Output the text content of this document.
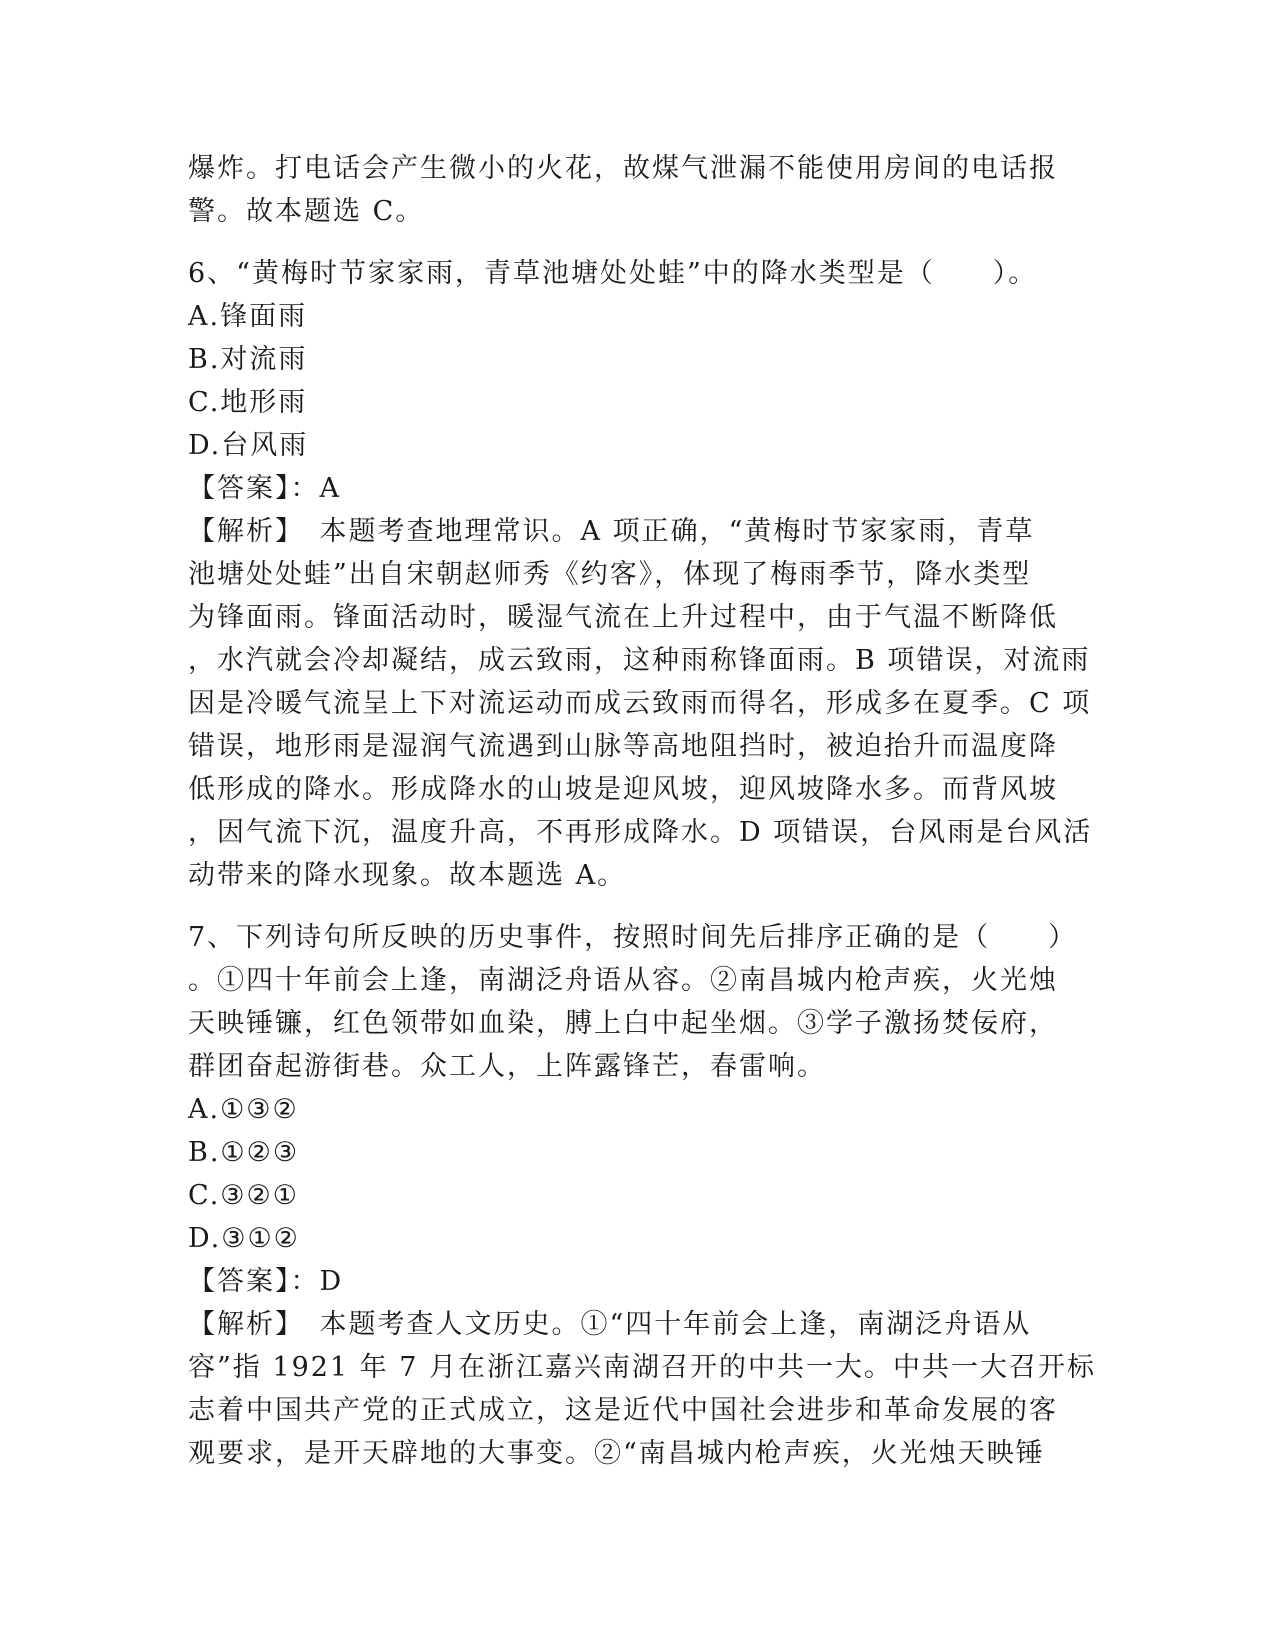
爆炸。打电话会产生微小的火花，故煤气泄漏不能使用房间的电话报
警。故本题选 C。
6、“黄梅时节家家雨，青草池塘处处蛙”中的降水类型是（　　）。
A.锋面雨
B.对流雨
C.地形雨
D.台风雨
【答案】：A
【解析】　本题考查地理常识。A 项正确，“黄梅时节家家雨，青草
池塘处处蛙”出自宋朝赵师秀《约客》，体现了梅雨季节，降水类型
为锋面雨。锋面活动时，暖湿气流在上升过程中，由于气温不断降低
，水汽就会冷却凝结，成云致雨，这种雨称锋面雨。B 项错误，对流雨
因是冷暖气流呈上下对流运动而成云致雨而得名，形成多在夏季。C 项
错误，地形雨是湿润气流遇到山脉等高地阻挡时，被迫抬升而温度降
低形成的降水。形成降水的山坡是迎风坡，迎风坡降水多。而背风坡
，因气流下沉，温度升高，不再形成降水。D 项错误，台风雨是台风活
动带来的降水现象。故本题选 A。
7、下列诗句所反映的历史事件，按照时间先后排序正确的是（　　）
。①四十年前会上逢，南湖泛舟语从容。②南昌城内枪声疾，火光烛
天映锤镰，红色领带如血染，膊上白中起坐烟。③学子激扬焚佞府，
群团奋起游街巷。众工人，上阵露锋芒，春雷响。
A.①③②
B.①②③
C.③②①
D.③①②
【答案】：D
【解析】　本题考查人文历史。①“四十年前会上逢，南湖泛舟语从
容”指 1921 年 7 月在浙江嘉兴南湖召开的中共一大。中共一大召开标
志着中国共产党的正式成立，这是近代中国社会进步和革命发展的客
观要求，是开天辟地的大事变。②“南昌城内枪声疾，火光烛天映锤
